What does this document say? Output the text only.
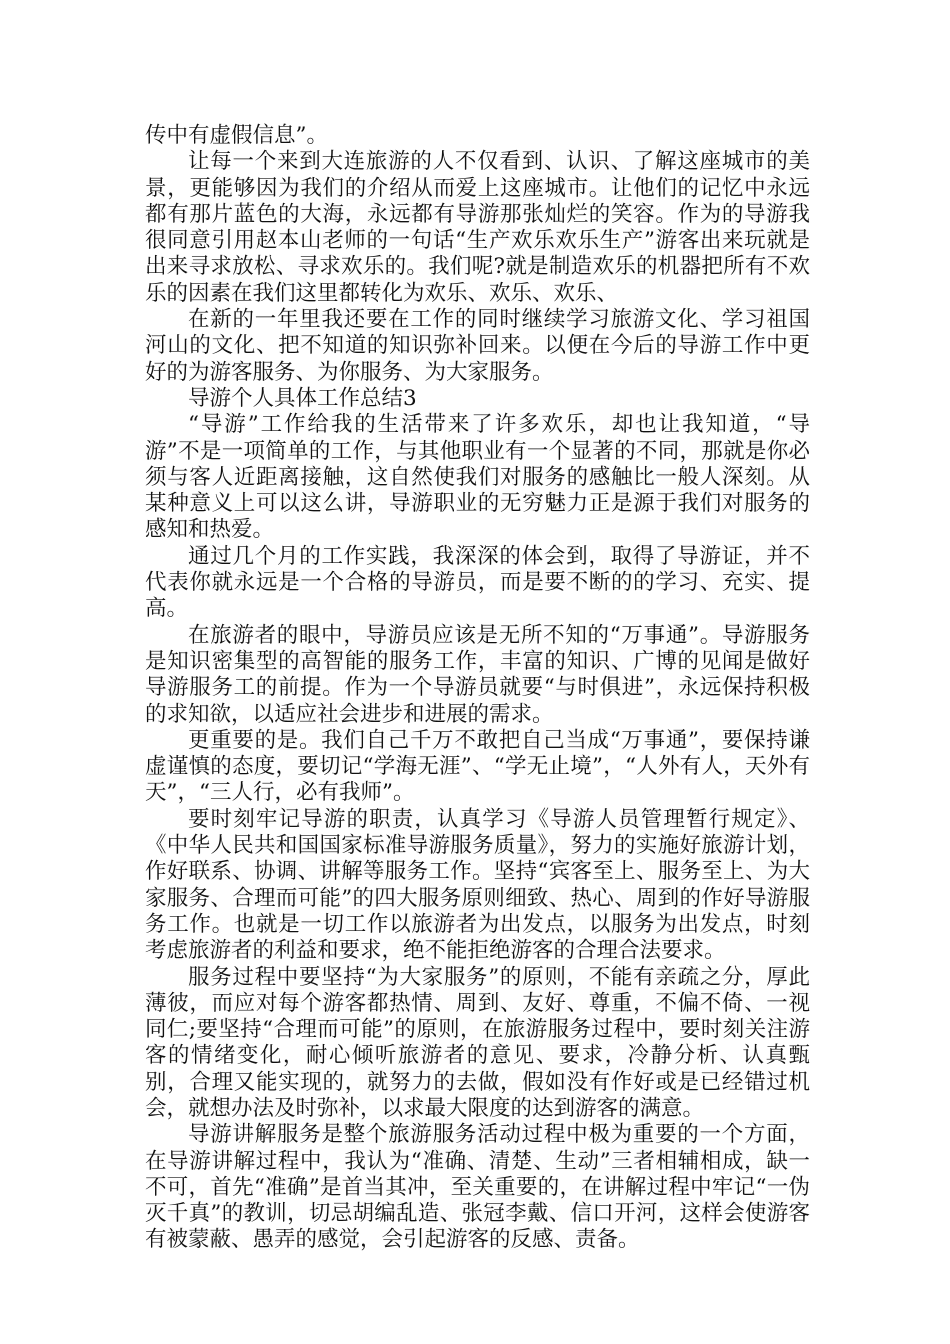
传中有虚假信息”。

让每一个来到大连旅游的人不仅看到、认识、了解这座城市的美景，更能够因为我们的介绍从而爱上这座城市。让他们的记忆中永远都有那片蓝色的大海，永远都有导游那张灿烂的笑容。作为的导游我很同意引用赵本山老师的一句话“生产欢乐欢乐生产”游客出来玩就是出来寻求放松、寻求欢乐的。我们呢?就是制造欢乐的机器把所有不欢乐的因素在我们这里都转化为欢乐、欢乐、欢乐、

在新的一年里我还要在工作的同时继续学习旅游文化、学习祖国河山的文化、把不知道的知识弥补回来。以便在今后的导游工作中更好的为游客服务、为你服务、为大家服务。

导游个人具体工作总结3

“导游”工作给我的生活带来了许多欢乐，却也让我知道，“导游”不是一项简单的工作，与其他职业有一个显著的不同，那就是你必须与客人近距离接触，这自然使我们对服务的感触比一般人深刻。从某种意义上可以这么讲，导游职业的无穷魅力正是源于我们对服务的感知和热爱。

通过几个月的工作实践，我深深的体会到，取得了导游证，并不代表你就永远是一个合格的导游员，而是要不断的的学习、充实、提高。

在旅游者的眼中，导游员应该是无所不知的“万事通”。导游服务是知识密集型的高智能的服务工作，丰富的知识、广博的见闻是做好导游服务工的前提。作为一个导游员就要“与时俱进”，永远保持积极的求知欲，以适应社会进步和进展的需求。

更重要的是。我们自己千万不敢把自己当成“万事通”，要保持谦虚谨慎的态度，要切记“学海无涯”、“学无止境”，“人外有人，天外有天”，“三人行，必有我师”。

要时刻牢记导游的职责，认真学习《导游人员管理暂行规定》、《中华人民共和国国家标准导游服务质量》，努力的实施好旅游计划，作好联系、协调、讲解等服务工作。坚持“宾客至上、服务至上、为大家服务、合理而可能”的四大服务原则细致、热心、周到的作好导游服务工作。也就是一切工作以旅游者为出发点，以服务为出发点，时刻考虑旅游者的利益和要求，绝不能拒绝游客的合理合法要求。

服务过程中要坚持“为大家服务”的原则，不能有亲疏之分，厚此薄彼，而应对每个游客都热情、周到、友好、尊重，不偏不倚、一视同仁;要坚持“合理而可能”的原则，在旅游服务过程中，要时刻关注游客的情绪变化，耐心倾听旅游者的意见、要求，冷静分析、认真甄别，合理又能实现的，就努力的去做，假如没有作好或是已经错过机会，就想办法及时弥补，以求最大限度的达到游客的满意。

导游讲解服务是整个旅游服务活动过程中极为重要的一个方面，在导游讲解过程中，我认为“准确、清楚、生动”三者相辅相成，缺一不可，首先“准确”是首当其冲，至关重要的，在讲解过程中牢记“一伪灭千真”的教训，切忌胡编乱造、张冠李戴、信口开河，这样会使游客有被蒙蔽、愚弄的感觉，会引起游客的反感、责备。
